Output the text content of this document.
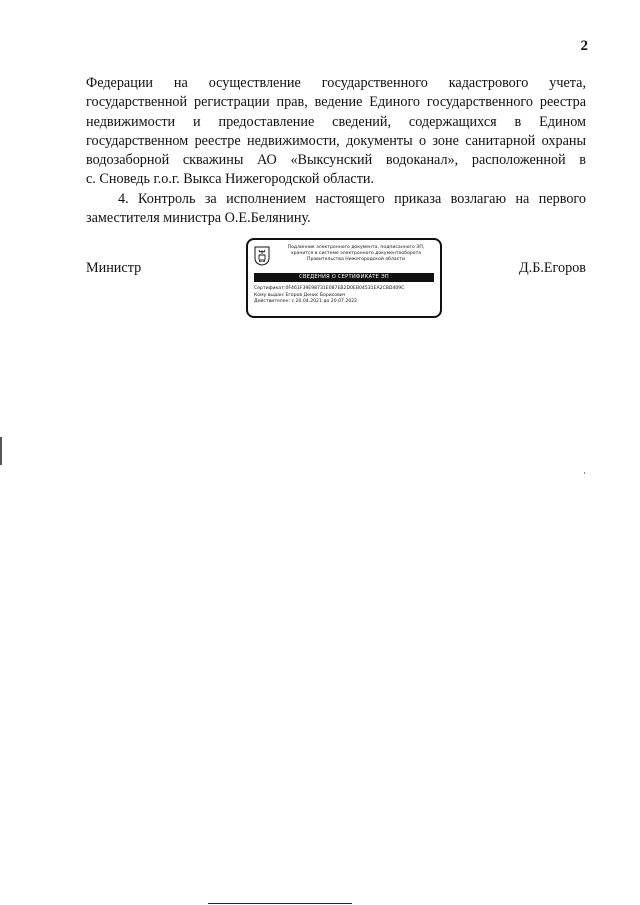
2
Федерации на осуществление государственного кадастрового учета,
государственной регистрации прав, ведение Единого государственного реестра
недвижимости и предоставление сведений, содержащихся в Едином
государственном реестре недвижимости, документы о зоне санитарной охраны
водозаборной скважины АО «Выксунский водоканал», расположенной в
с. Сноведь г.о.г. Выкса Нижегородской области.
4. Контроль за исполнением настоящего приказа возлагаю на первого
заместителя министра О.Е.Белянину.
Министр	Д.Б.Егоров
Подлинник электронного документа, подписанного ЭП,
хранится в системе электронного документооборота
Правительства Нижегородской области
СВЕДЕНИЯ О СЕРТИФИКАТЕ ЭП
Сертификат: 0F461F39E98731E087EB2D0EB04531EA2CBD409C
Кому выдан: Егоров Денис Борисович
Действителен: с 20.04.2021 до 20.07.2022
